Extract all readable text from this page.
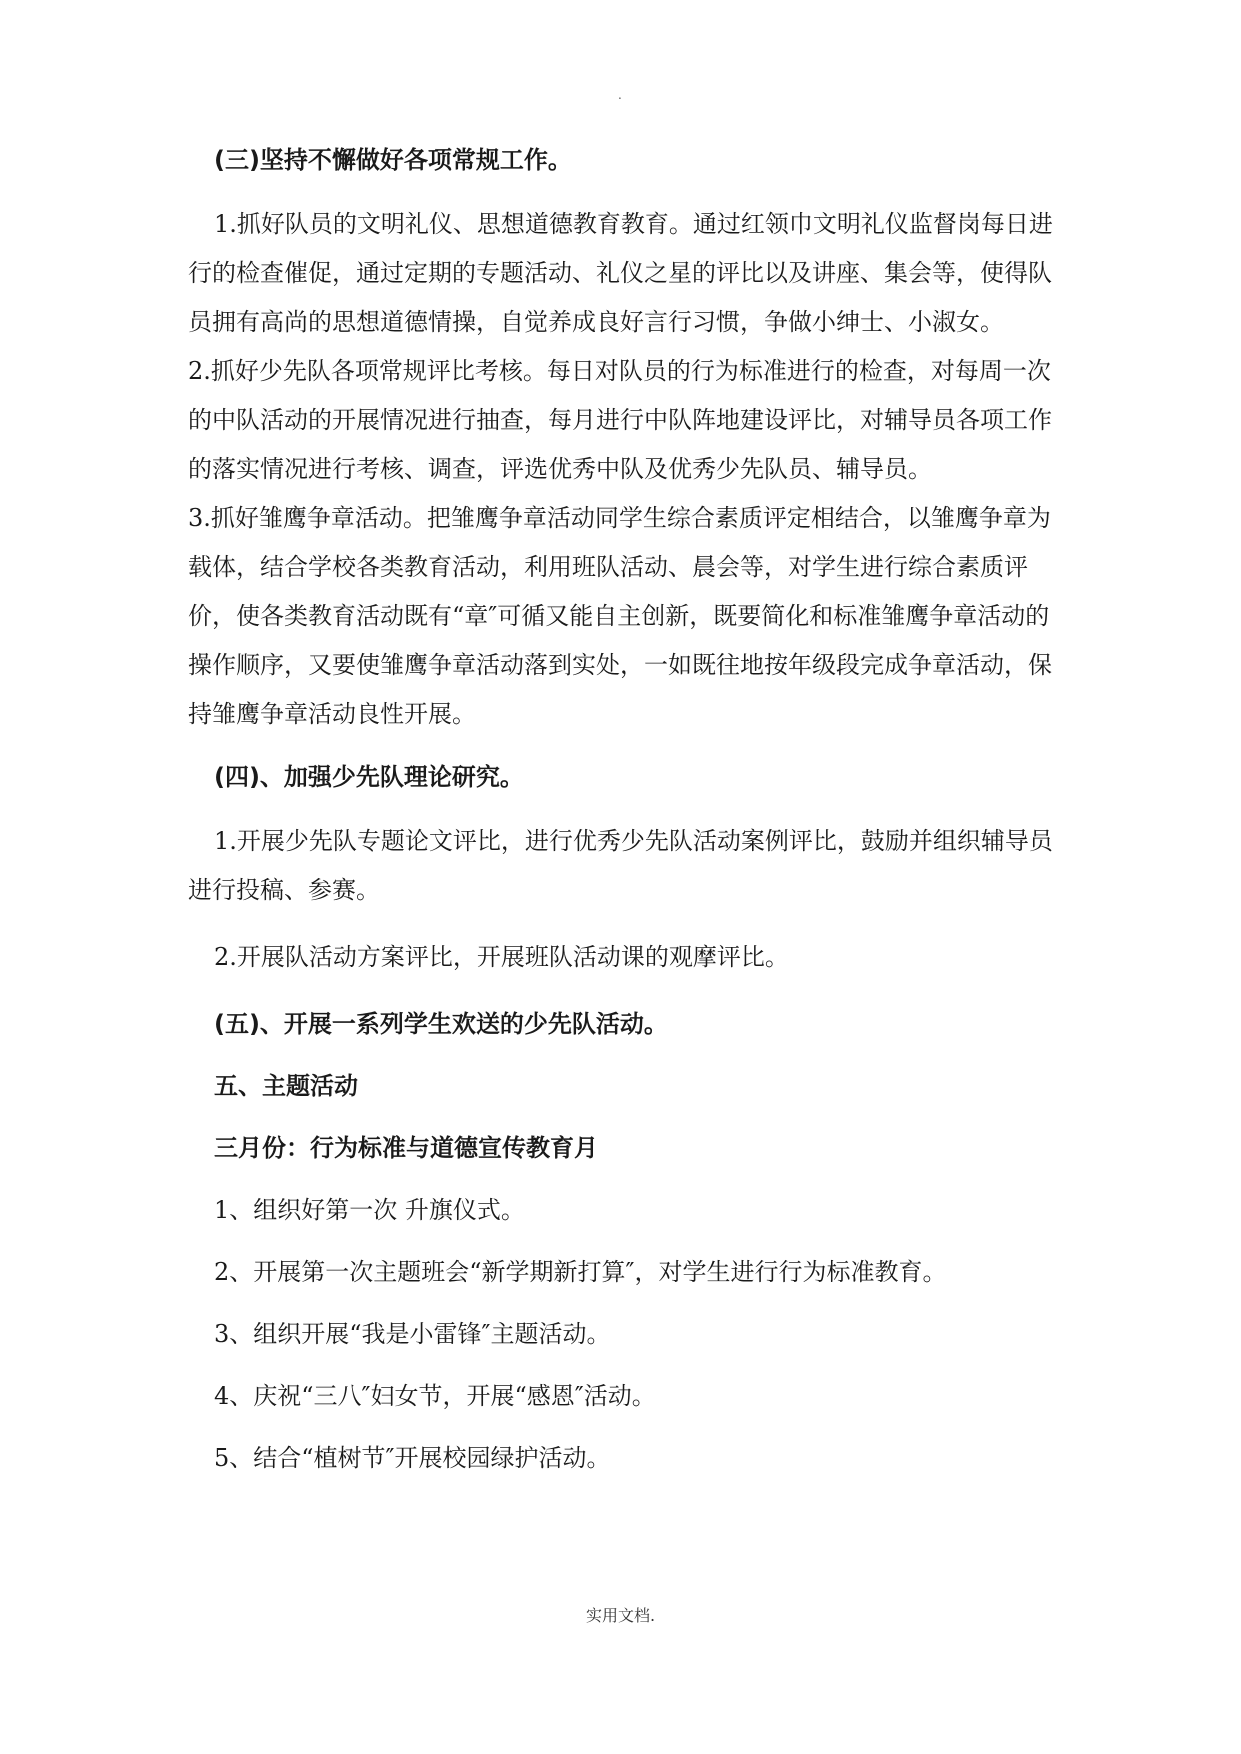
.

(三)坚持不懈做好各项常规工作。

1.抓好队员的文明礼仪、思想道德教育教育。通过红领巾文明礼仪监督岗每日进行的检查催促，通过定期的专题活动、礼仪之星的评比以及讲座、集会等，使得队员拥有高尚的思想道德情操，自觉养成良好言行习惯，争做小绅士、小淑女。

2.抓好少先队各项常规评比考核。每日对队员的行为标准进行的检查，对每周一次的中队活动的开展情况进行抽查，每月进行中队阵地建设评比，对辅导员各项工作的落实情况进行考核、调查，评选优秀中队及优秀少先队员、辅导员。

3.抓好雏鹰争章活动。把雏鹰争章活动同学生综合素质评定相结合，以雏鹰争章为载体，结合学校各类教育活动，利用班队活动、晨会等，对学生进行综合素质评价，使各类教育活动既有“章″可循又能自主创新，既要简化和标准雏鹰争章活动的操作顺序，又要使雏鹰争章活动落到实处，一如既往地按年级段完成争章活动，保持雏鹰争章活动良性开展。

(四)、加强少先队理论研究。

1.开展少先队专题论文评比，进行优秀少先队活动案例评比，鼓励并组织辅导员进行投稿、参赛。

2.开展队活动方案评比，开展班队活动课的观摩评比。

(五)、开展一系列学生欢送的少先队活动。

五、主题活动

三月份：行为标准与道德宣传教育月

1、组织好第一次 升旗仪式。

2、开展第一次主题班会“新学期新打算″，对学生进行行为标准教育。

3、组织开展“我是小雷锋″主题活动。

4、庆祝“三八″妇女节，开展“感恩″活动。

5、结合“植树节″开展校园绿护活动。

实用文档.
